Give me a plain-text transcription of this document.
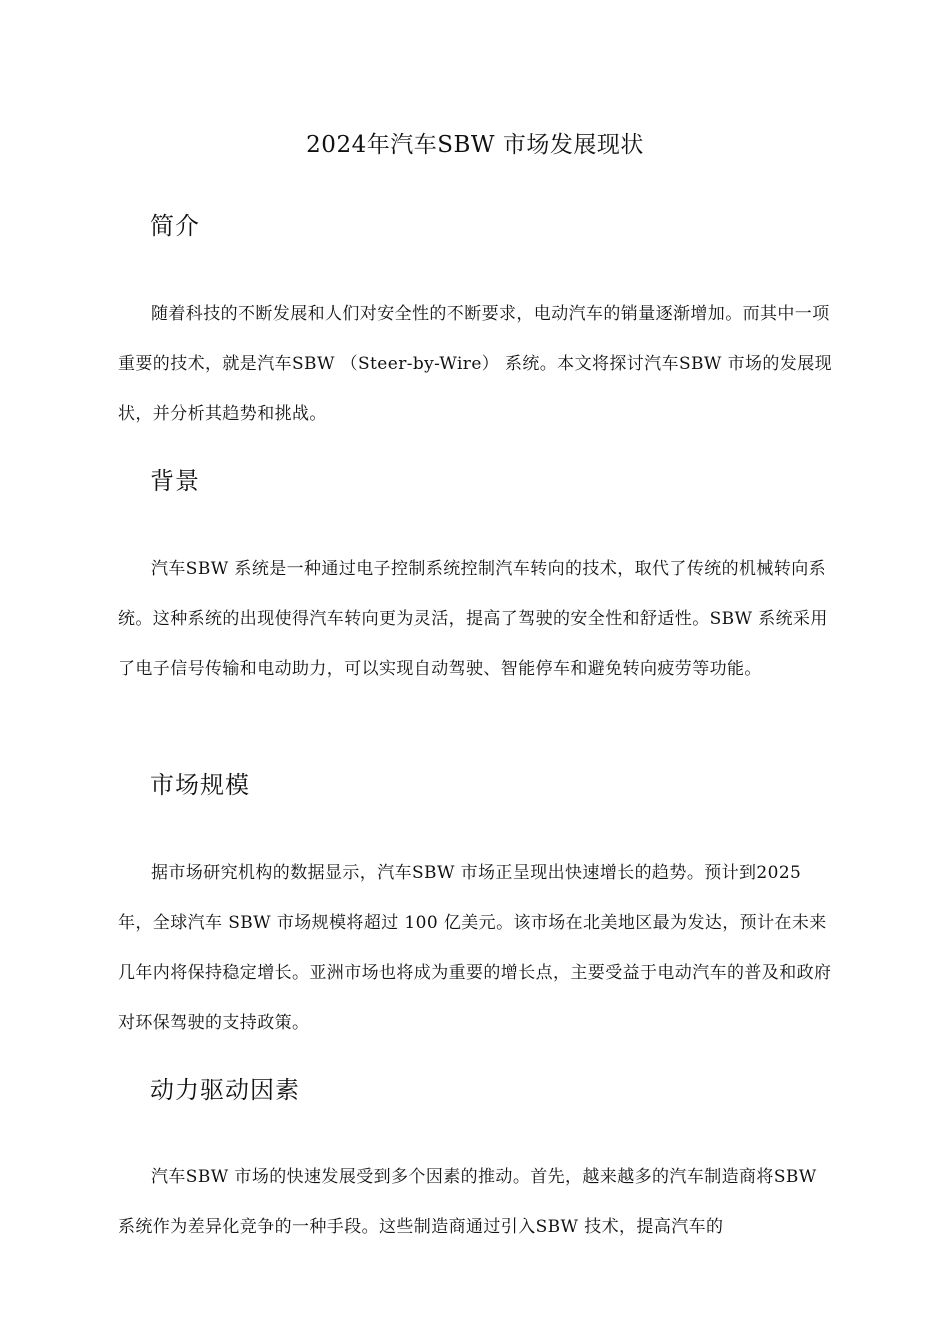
2024年汽车SBW 市场发展现状
简介

随着科技的不断发展和人们对安全性的不断要求，电动汽车的销量逐渐增加。而其中一项重要的技术，就是汽车SBW （Steer-by-Wire） 系统。本文将探讨汽车SBW 市场的发展现状，并分析其趋势和挑战。

背景

汽车SBW 系统是一种通过电子控制系统控制汽车转向的技术，取代了传统的机械转向系统。这种系统的出现使得汽车转向更为灵活，提高了驾驶的安全性和舒适性。SBW 系统采用了电子信号传输和电动助力，可以实现自动驾驶、智能停车和避免转向疲劳等功能。

市场规模

据市场研究机构的数据显示，汽车SBW 市场正呈现出快速增长的趋势。预计到2025 年，全球汽车 SBW 市场规模将超过 100 亿美元。该市场在北美地区最为发达，预计在未来几年内将保持稳定增长。亚洲市场也将成为重要的增长点，主要受益于电动汽车的普及和政府对环保驾驶的支持政策。

动力驱动因素

汽车SBW 市场的快速发展受到多个因素的推动。首先，越来越多的汽车制造商将SBW 系统作为差异化竞争的一种手段。这些制造商通过引入SBW 技术，提高汽车的
